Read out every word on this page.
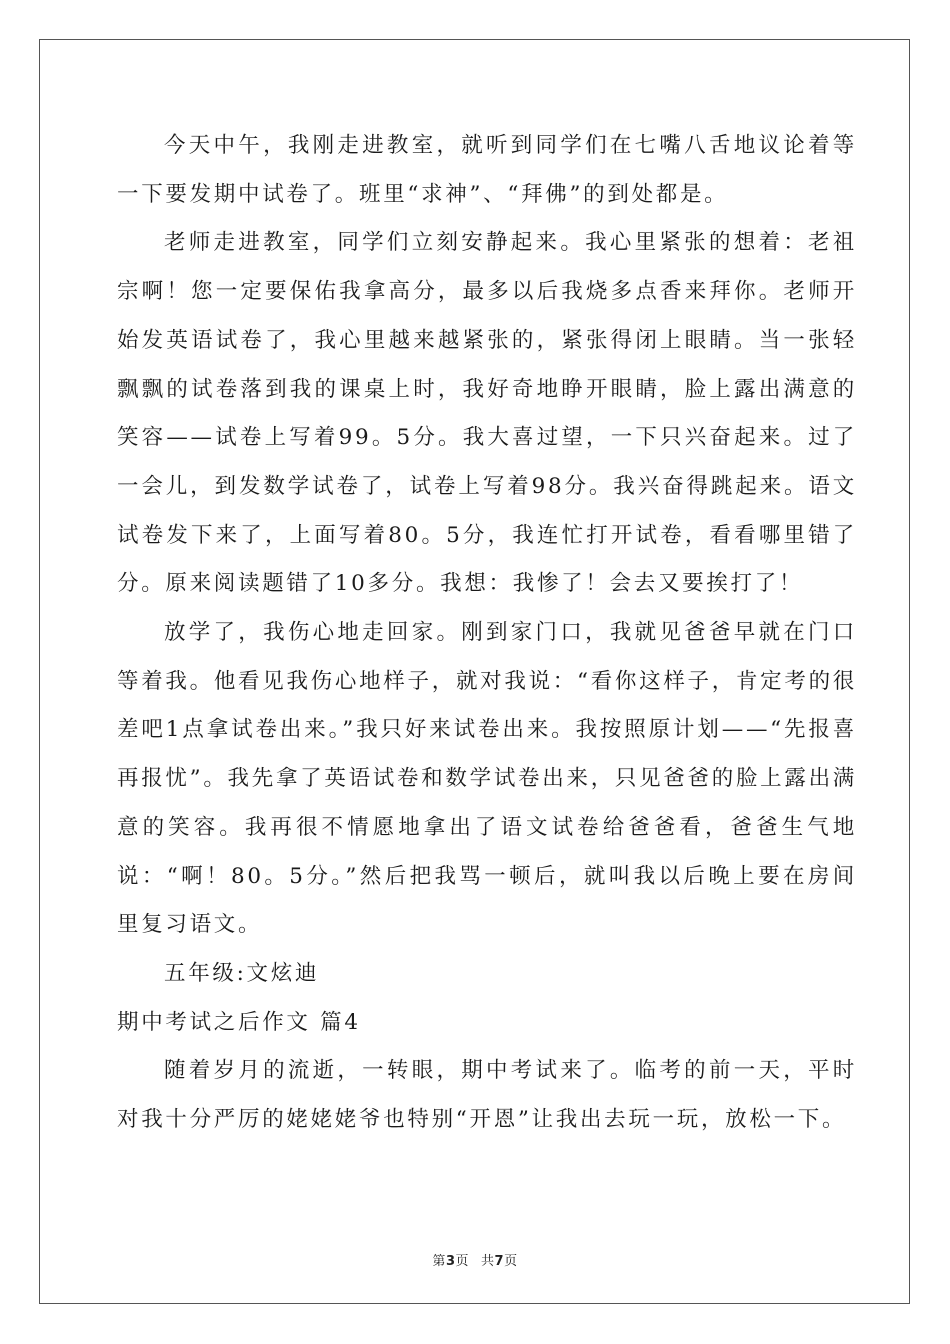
今天中午，我刚走进教室，就听到同学们在七嘴八舌地议论着等一下要发期中试卷了。班里“求神”、“拜佛”的到处都是。

老师走进教室，同学们立刻安静起来。我心里紧张的想着：老祖宗啊！您一定要保佑我拿高分，最多以后我烧多点香来拜你。老师开始发英语试卷了，我心里越来越紧张的，紧张得闭上眼睛。当一张轻飘飘的试卷落到我的课桌上时，我好奇地睁开眼睛，脸上露出满意的笑容——试卷上写着99。5分。我大喜过望，一下只兴奋起来。过了一会儿，到发数学试卷了，试卷上写着98分。我兴奋得跳起来。语文试卷发下来了，上面写着80。5分，我连忙打开试卷，看看哪里错了分。原来阅读题错了10多分。我想：我惨了！会去又要挨打了！

放学了，我伤心地走回家。刚到家门口，我就见爸爸早就在门口等着我。他看见我伤心地样子，就对我说：“看你这样子，肯定考的很差吧1点拿试卷出来。”我只好来试卷出来。我按照原计划——“先报喜再报忧”。我先拿了英语试卷和数学试卷出来，只见爸爸的脸上露出满意的笑容。我再很不情愿地拿出了语文试卷给爸爸看，爸爸生气地说：“啊！80。5分。”然后把我骂一顿后，就叫我以后晚上要在房间里复习语文。

五年级:文炫迪

期中考试之后作文 篇4

随着岁月的流逝，一转眼，期中考试来了。临考的前一天，平时对我十分严厉的姥姥姥爷也特别“开恩”让我出去玩一玩，放松一下。

第3页 共7页
